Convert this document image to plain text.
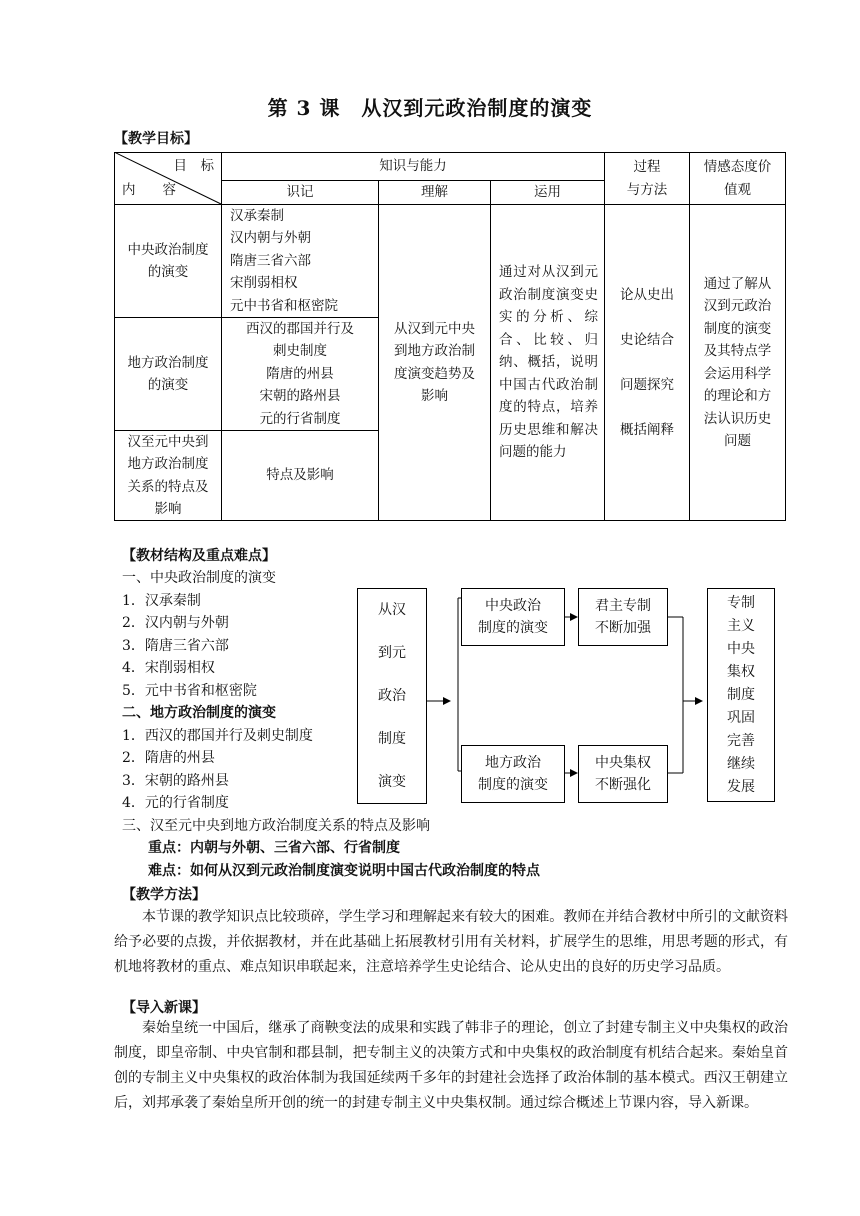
第 3 课　从汉到元政治制度的演变
【教学目标】
目　标
内　　容
知识与能力
识记	理解	运用
过程
与方法
情感态度价
值观
中央政治制度
的演变
汉承秦制
汉内朝与外朝
隋唐三省六部
宋削弱相权
元中书省和枢密院
地方政治制度
的演变
西汉的郡国并行及
刺史制度
隋唐的州县
宋朝的路州县
元的行省制度
汉至元中央到
地方政治制度
关系的特点及
影响
特点及影响
从汉到元中央
到地方政治制
度演变趋势及
影响
通过对从汉到元政治制度演变史实的分析、综合、比较、归纳、概括，说明中国古代政治制度的特点，培养历史思维和解决问题的能力
论从史出
史论结合
问题探究
概括阐释
通过了解从
汉到元政治
制度的演变
及其特点学
会运用科学
的理论和方
法认识历史
问题
【教材结构及重点难点】
一、中央政治制度的演变
1．汉承秦制
2．汉内朝与外朝
3．隋唐三省六部
4．宋削弱相权
5．元中书省和枢密院
二、地方政治制度的演变
1．西汉的郡国并行及刺史制度
2．隋唐的州县
3．宋朝的路州县
4．元的行省制度
三、汉至元中央到地方政治制度关系的特点及影响
重点：内朝与外朝、三省六部、行省制度
难点：如何从汉到元政治制度演变说明中国古代政治制度的特点
从汉
到元
政治
制度
演变
中央政治
制度的演变
地方政治
制度的演变
君主专制
不断加强
中央集权
不断强化
专制
主义
中央
集权
制度
巩固
完善
继续
发展
【教学方法】
本节课的教学知识点比较琐碎，学生学习和理解起来有较大的困难。教师在并结合教材中所引的文献资料给予必要的点拨，并依据教材，并在此基础上拓展教材引用有关材料，扩展学生的思维，用思考题的形式，有机地将教材的重点、难点知识串联起来，注意培养学生史论结合、论从史出的良好的历史学习品质。
【导入新课】
秦始皇统一中国后，继承了商鞅变法的成果和实践了韩非子的理论，创立了封建专制主义中央集权的政治制度，即皇帝制、中央官制和郡县制，把专制主义的决策方式和中央集权的政治制度有机结合起来。秦始皇首创的专制主义中央集权的政治体制为我国延续两千多年的封建社会选择了政治体制的基本模式。西汉王朝建立后，刘邦承袭了秦始皇所开创的统一的封建专制主义中央集权制。通过综合概述上节课内容，导入新课。
